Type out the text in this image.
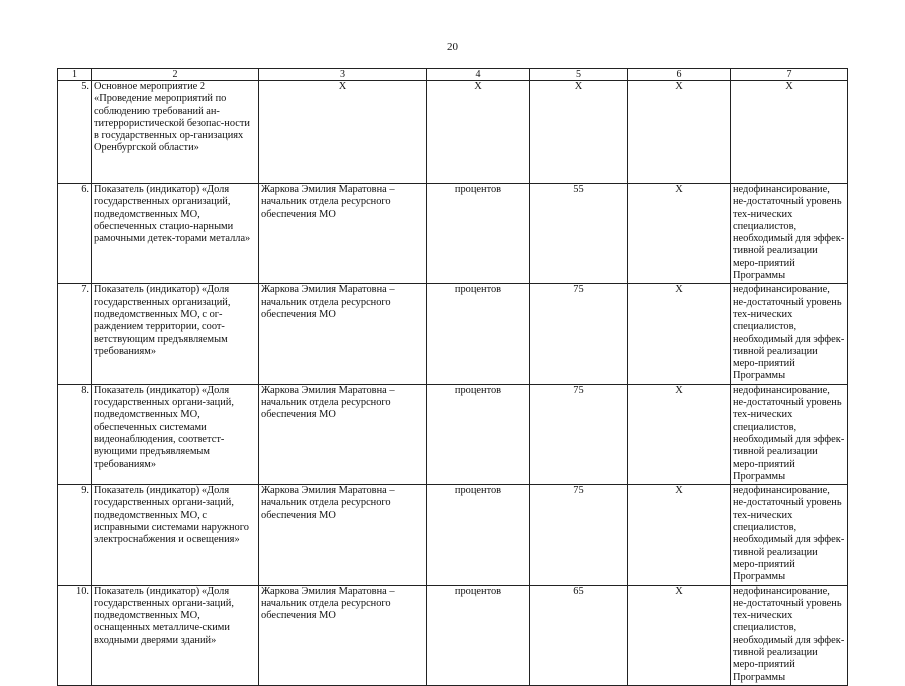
20
1	2	3	4	5	6	7
5.	Основное мероприятие 2 «Проведение мероприятий по соблюдению требований ан-титеррористической безопас-ности в государственных ор-ганизациях Оренбургской области»	X	X	X	X	X
6.	Показатель (индикатор) «Доля государственных организаций, подведомственных МО, обеспеченных стацио-нарными рамочными детек-торами металла»	Жаркова Эмилия Маратовна – начальник отдела ресурсного обеспечения МО	процентов	55	X	недофинансирование, не-достаточный уровень тех-нических специалистов, необходимый для эффек-тивной реализации меро-приятий Программы
7.	Показатель (индикатор) «Доля государственных организаций, подведомственных МО, с ог-раждением территории, соот-ветствующим предъявляемым требованиям»	Жаркова Эмилия Маратовна – начальник отдела ресурсного обеспечения МО	процентов	75	X	недофинансирование, не-достаточный уровень тех-нических специалистов, необходимый для эффек-тивной реализации меро-приятий Программы
8.	Показатель (индикатор) «Доля государственных органи-заций, подведомственных МО, обеспеченных системами видеонаблюдения, соответст-вующими предъявляемым требованиям»	Жаркова Эмилия Маратовна – начальник отдела ресурсного обеспечения МО	процентов	75	X	недофинансирование, не-достаточный уровень тех-нических специалистов, необходимый для эффек-тивной реализации меро-приятий Программы
9.	Показатель (индикатор) «Доля государственных органи-заций, подведомственных МО, с исправными системами наружного электроснабжения и освещения»	Жаркова Эмилия Маратовна – начальник отдела ресурсного обеспечения МО	процентов	75	X	недофинансирование, не-достаточный уровень тех-нических специалистов, необходимый для эффек-тивной реализации меро-приятий Программы
10.	Показатель (индикатор) «Доля государственных органи-заций, подведомственных МО, оснащенных металличе-скими входными дверями зданий»	Жаркова Эмилия Маратовна – начальник отдела ресурсного обеспечения МО	процентов	65	X	недофинансирование, не-достаточный уровень тех-нических специалистов, необходимый для эффек-тивной реализации меро-приятий Программы
